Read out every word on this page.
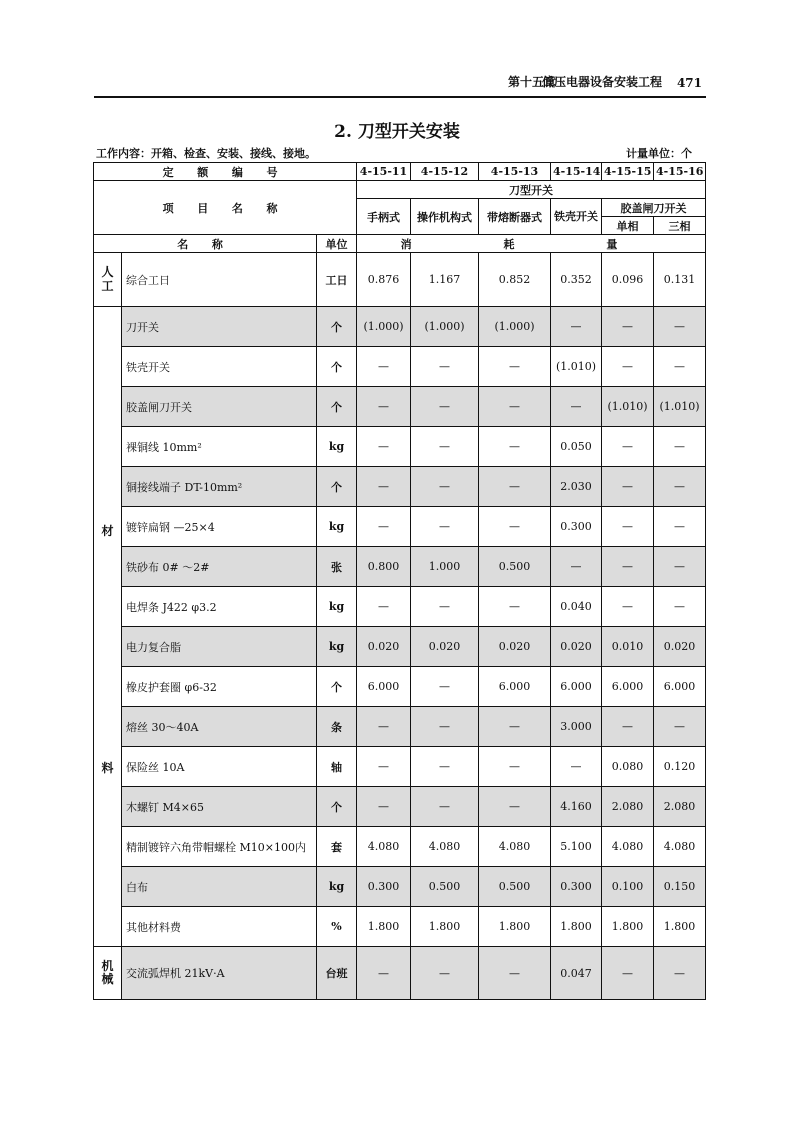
第十五章
低压电器设备安装工程 471
2. 刀型开关安装
工作内容：开箱、检查、安装、接线、接地。	计量单位：个
定 额 编 号			4-15-11	4-15-12	4-15-13	4-15-14	4-15-15	4-15-16
项 目 名 称			刀型开关					
			手柄式	操作机构式	带熔断器式	铁壳开关	胶盖闸刀开关	
							单相	三相
名 称		单位	消 耗 量					
人工	综合工日	工日	0.876	1.167	0.852	0.352	0.096	0.131

材
料	刀开关	个	(1.000)	(1.000)	(1.000)	—	—	—
	铁壳开关	个	—	—	—	(1.010)	—	—
	胶盖闸刀开关	个	—	—	—	—	(1.010)	(1.010)
	裸铜线 10mm²	kg	—	—	—	0.050	—	—
	铜接线端子 DT-10mm²	个	—	—	—	2.030	—	—
	镀锌扁钢 —25×4	kg	—	—	—	0.300	—	—
	铁砂布 0# ～2#	张	0.800	1.000	0.500	—	—	—
	电焊条 J422 φ3.2	kg	—	—	—	0.040	—	—
	电力复合脂	kg	0.020	0.020	0.020	0.020	0.010	0.020
	橡皮护套圈 φ6-32	个	6.000	—	6.000	6.000	6.000	6.000
	熔丝 30～40A	条	—	—	—	3.000	—	—
	保险丝 10A	轴	—	—	—	—	0.080	0.120
	木螺钉 M4×65	个	—	—	—	4.160	2.080	2.080
	精制镀锌六角带帽螺栓 M10×100内	套	4.080	4.080	4.080	5.100	4.080	4.080
	白布	kg	0.300	0.500	0.500	0.300	0.100	0.150
	其他材料费	%	1.800	1.800	1.800	1.800	1.800	1.800
机械	交流弧焊机 21kV·A	台班	—	—	—	0.047	—	—
